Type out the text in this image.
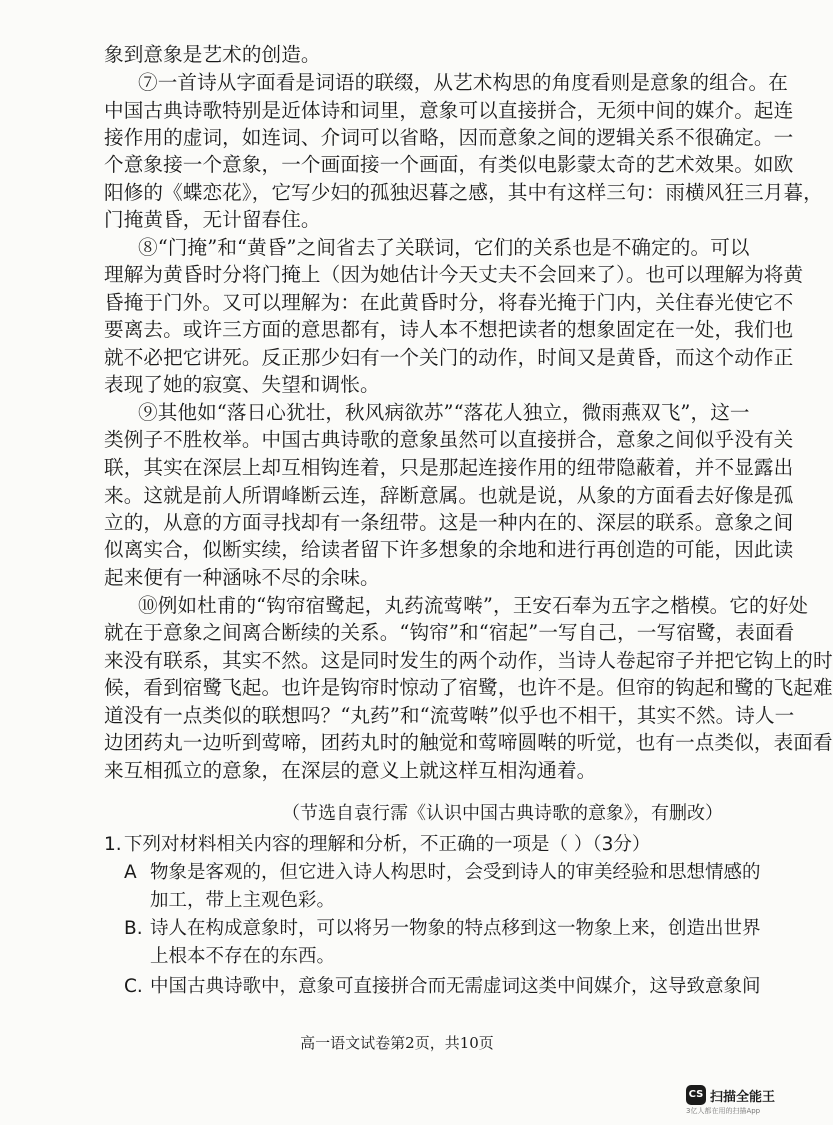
象到意象是艺术的创造。
⑦一首诗从字面看是词语的联缀，从艺术构思的角度看则是意象的组合。在
中国古典诗歌特别是近体诗和词里，意象可以直接拼合，无须中间的媒介。起连
接作用的虚词，如连词、介词可以省略，因而意象之间的逻辑关系不很确定。一
个意象接一个意象，一个画面接一个画面，有类似电影蒙太奇的艺术效果。如欧
阳修的《蝶恋花》，它写少妇的孤独迟暮之感，其中有这样三句：雨横风狂三月暮，
门掩黄昏，无计留春住。
⑧“门掩”和“黄昏”之间省去了关联词，它们的关系也是不确定的。可以
理解为黄昏时分将门掩上（因为她估计今天丈夫不会回来了）。也可以理解为将黄
昏掩于门外。又可以理解为：在此黄昏时分，将春光掩于门内，关住春光使它不
要离去。或许三方面的意思都有，诗人本不想把读者的想象固定在一处，我们也
就不必把它讲死。反正那少妇有一个关门的动作，时间又是黄昏，而这个动作正
表现了她的寂寞、失望和调怅。
⑨其他如“落日心犹壮，秋风病欲苏”“落花人独立，微雨燕双飞”，这一
类例子不胜枚举。中国古典诗歌的意象虽然可以直接拼合，意象之间似乎没有关
联，其实在深层上却互相钩连着，只是那起连接作用的纽带隐蔽着，并不显露出
来。这就是前人所谓峰断云连，辞断意属。也就是说，从象的方面看去好像是孤
立的，从意的方面寻找却有一条纽带。这是一种内在的、深层的联系。意象之间
似离实合，似断实续，给读者留下许多想象的余地和进行再创造的可能，因此读
起来便有一种涵咏不尽的余味。
⑩例如杜甫的“钩帘宿鹭起，丸药流莺啭”，王安石奉为五字之楷模。它的好处
就在于意象之间离合断续的关系。“钩帘”和“宿起”一写自己，一写宿鹭，表面看
来没有联系，其实不然。这是同时发生的两个动作，当诗人卷起帘子并把它钩上的时
候，看到宿鹭飞起。也许是钩帘时惊动了宿鹭，也许不是。但帘的钩起和鹭的飞起难
道没有一点类似的联想吗？“丸药”和“流莺啭”似乎也不相干，其实不然。诗人一
边团药丸一边听到莺啼，团药丸时的触觉和莺啼圆啭的听觉，也有一点类似，表面看
来互相孤立的意象，在深层的意义上就这样互相沟通着。
（节选自袁行霈《认识中国古典诗歌的意象》，有删改）
1. 下列对材料相关内容的理解和分析，不正确的一项是（ ）（3分）
A 物象是客观的，但它进入诗人构思时，会受到诗人的审美经验和思想情感的
加工，带上主观色彩。
B. 诗人在构成意象时，可以将另一物象的特点移到这一物象上来，创造出世界
上根本不存在的东西。
C. 中国古典诗歌中，意象可直接拼合而无需虚词这类中间媒介，这导致意象间
高一语文试卷第2页，共10页
CS 扫描全能王
3亿人都在用的扫描App
